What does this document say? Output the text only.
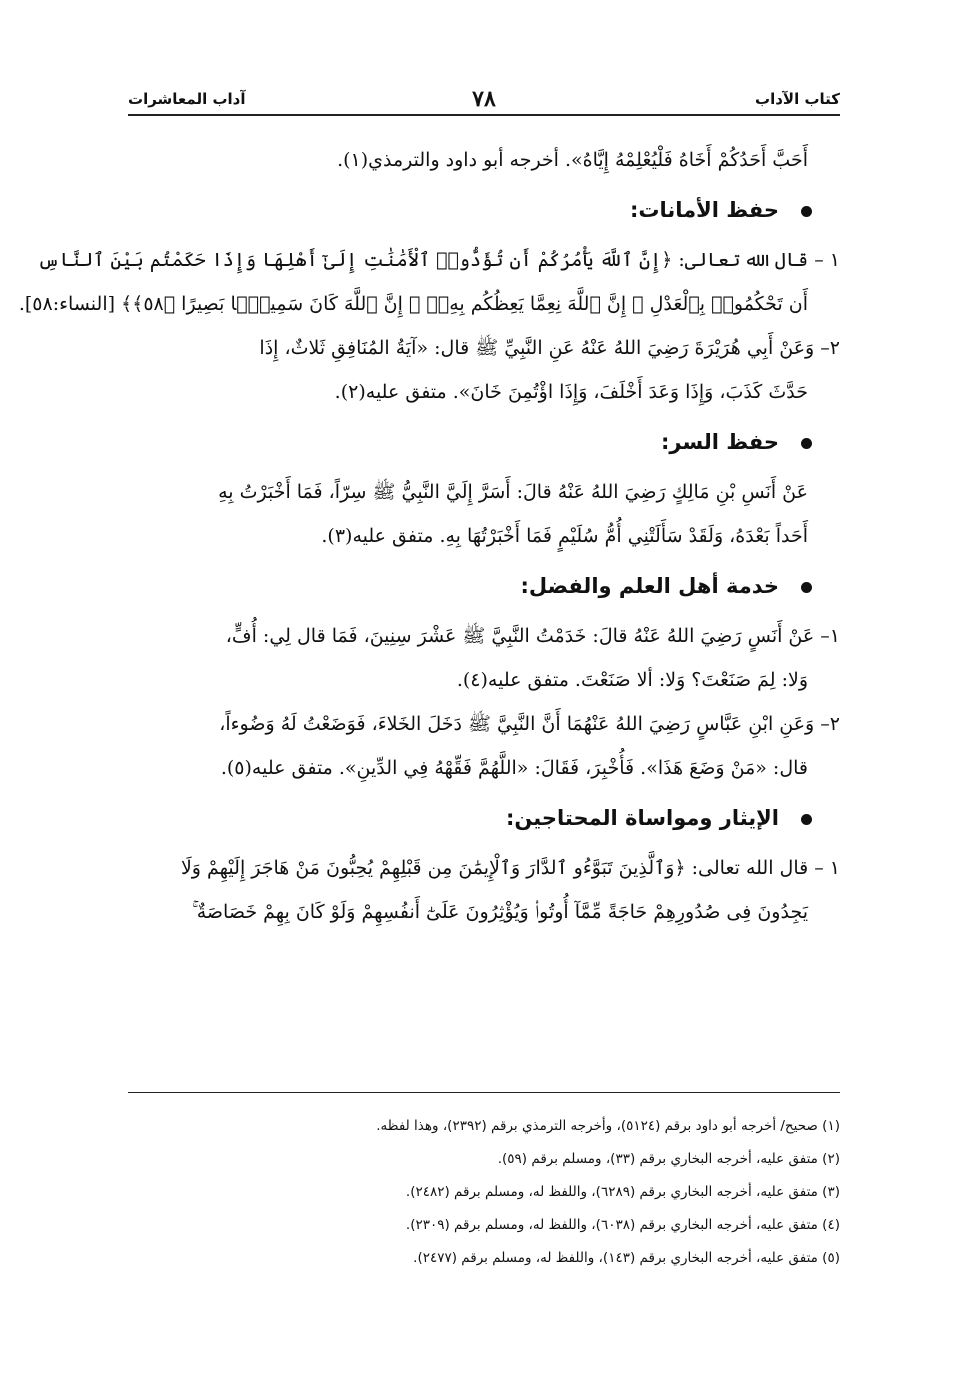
كتاب الآداب
٧٨
آداب المعاشرات
أَحَبَّ أَحَدُكُمْ أَخَاهُ فَلْيُعْلِمْهُ إِيَّاهُ». أخرجه أبو داود والترمذي(١).
حفظ الأمانات:
١ – قال الله تعالى: ﴿إِنَّ ٱللَّهَ يَأْمُرُكُمْ أَن تُؤَدُّوا۟ ٱلْأَمَٰنَٰتِ إِلَىٰٓ أَهْلِهَا وَإِذَا حَكَمْتُم بَيْنَ ٱلنَّاسِ
أَن تَحْكُمُوا۟ بِٱلْعَدْلِ ۚ إِنَّ ٱللَّهَ نِعِمَّا يَعِظُكُم بِهِۦٓ ۗ إِنَّ ٱللَّهَ كَانَ سَمِيعًۢا بَصِيرًا ﴿٥٨﴾﴾ [النساء:٥٨].
٢– وَعَنْ أَبِي هُرَيْرَةَ رَضِيَ اللهُ عَنْهُ عَنِ النَّبِيِّ ﷺ قال: «آيَةُ المُنَافِقِ ثَلاثٌ، إِذَا
حَدَّثَ كَذَبَ، وَإِذَا وَعَدَ أَخْلَفَ، وَإِذَا اؤْتُمِنَ خَانَ». متفق عليه(٢).
حفظ السر:
عَنْ أَنَسِ بْنِ مَالِكٍ رَضِيَ اللهُ عَنْهُ قالَ: أَسَرَّ إِلَيَّ النَّبِيُّ ﷺ سِرّاً، فَمَا أَخْبَرْتُ بِهِ
أَحَداً بَعْدَهُ، وَلَقَدْ سَأَلَتْنِي أُمُّ سُلَيْمٍ فَمَا أَخْبَرْتُهَا بِهِ. متفق عليه(٣).
خدمة أهل العلم والفضل:
١– عَنْ أَنَسٍ رَضِيَ اللهُ عَنْهُ قالَ: خَدَمْتُ النَّبِيَّ ﷺ عَشْرَ سِنِينَ، فَمَا قال لِي: أُفٍّ،
وَلا: لِمَ صَنَعْتَ؟ وَلا: ألا صَنَعْتَ. متفق عليه(٤).
٢– وَعَنِ ابْنِ عَبَّاسٍ رَضِيَ اللهُ عَنْهُمَا أَنَّ النَّبِيَّ ﷺ دَخَلَ الخَلاءَ، فَوَضَعْتُ لَهُ وَضُوءاً،
قال: «مَنْ وَضَعَ هَذَا». فَأُخْبِرَ، فَقَالَ: «اللَّهُمَّ فَقِّهْهُ فِي الدِّينِ». متفق عليه(٥).
الإيثار ومواساة المحتاجين:
١ – قال الله تعالى: ﴿وَٱلَّذِينَ تَبَوَّءُو ٱلدَّارَ وَٱلْإِيمَٰنَ مِن قَبْلِهِمْ يُحِبُّونَ مَنْ هَاجَرَ إِلَيْهِمْ وَلَا
يَجِدُونَ فِى صُدُورِهِمْ حَاجَةً مِّمَّآ أُوتُوا۟ وَيُؤْثِرُونَ عَلَىٰٓ أَنفُسِهِمْ وَلَوْ كَانَ بِهِمْ خَصَاصَةٌ ۚ
(١) صحيح/ أخرجه أبو داود برقم (٥١٢٤)، وأخرجه الترمذي برقم (٢٣٩٢)، وهذا لفظه.
(٢) متفق عليه، أخرجه البخاري برقم (٣٣)، ومسلم برقم (٥٩).
(٣) متفق عليه، أخرجه البخاري برقم (٦٢٨٩)، واللفظ له، ومسلم برقم (٢٤٨٢).
(٤) متفق عليه، أخرجه البخاري برقم (٦٠٣٨)، واللفظ له، ومسلم برقم (٢٣٠٩).
(٥) متفق عليه، أخرجه البخاري برقم (١٤٣)، واللفظ له، ومسلم برقم (٢٤٧٧).
